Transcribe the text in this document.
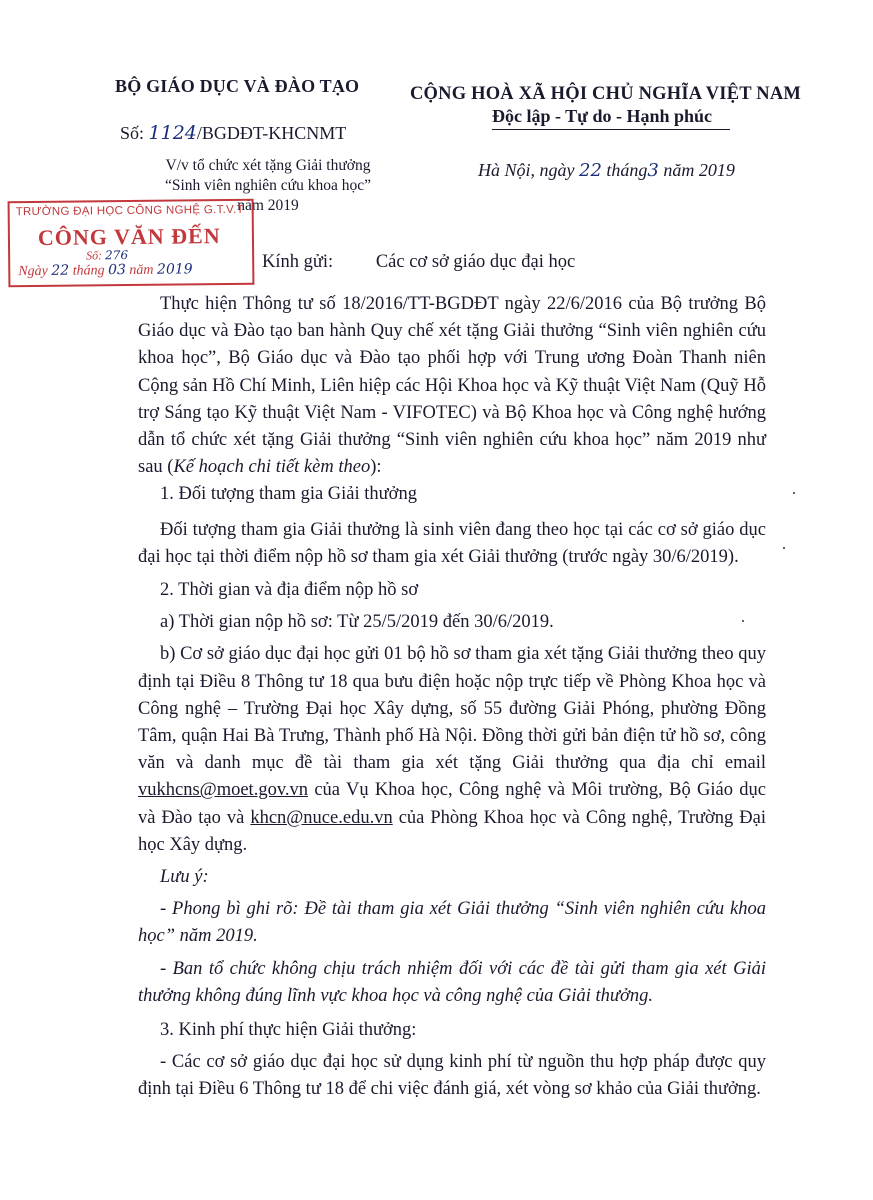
BỘ GIÁO DỤC VÀ ĐÀO TẠO	CỘNG HOÀ XÃ HỘI CHỦ NGHĨA VIỆT NAM
Độc lập - Tự do - Hạnh phúc
Số: 1124/BGDĐT-KHCNMT
V/v tổ chức xét tặng Giải thưởng
“Sinh viên nghiên cứu khoa học”
năm 2019
Hà Nội, ngày 22 tháng3 năm 2019
TRƯỜNG ĐẠI HỌC CÔNG NGHỆ G.T.V.T
CÔNG VĂN ĐẾN
Số: 276
Ngày 22 tháng 03 năm 2019	Kính gửi: Các cơ sở giáo dục đại học

Thực hiện Thông tư số 18/2016/TT-BGDĐT ngày 22/6/2016 của Bộ trưởng Bộ Giáo dục và Đào tạo ban hành Quy chế xét tặng Giải thưởng “Sinh viên nghiên cứu khoa học”, Bộ Giáo dục và Đào tạo phối hợp với Trung ương Đoàn Thanh niên Cộng sản Hồ Chí Minh, Liên hiệp các Hội Khoa học và Kỹ thuật Việt Nam (Quỹ Hỗ trợ Sáng tạo Kỹ thuật Việt Nam - VIFOTEC) và Bộ Khoa học và Công nghệ hướng dẫn tổ chức xét tặng Giải thưởng “Sinh viên nghiên cứu khoa học” năm 2019 như sau (Kế hoạch chi tiết kèm theo):

1. Đối tượng tham gia Giải thưởng

Đối tượng tham gia Giải thưởng là sinh viên đang theo học tại các cơ sở giáo dục đại học tại thời điểm nộp hồ sơ tham gia xét Giải thưởng (trước ngày 30/6/2019).

2. Thời gian và địa điểm nộp hồ sơ

a) Thời gian nộp hồ sơ: Từ 25/5/2019 đến 30/6/2019.

b) Cơ sở giáo dục đại học gửi 01 bộ hồ sơ tham gia xét tặng Giải thưởng theo quy định tại Điều 8 Thông tư 18 qua bưu điện hoặc nộp trực tiếp về Phòng Khoa học và Công nghệ – Trường Đại học Xây dựng, số 55 đường Giải Phóng, phường Đồng Tâm, quận Hai Bà Trưng, Thành phố Hà Nội. Đồng thời gửi bản điện tử hồ sơ, công văn và danh mục đề tài tham gia xét tặng Giải thưởng qua địa chỉ email vukhcns@moet.gov.vn của Vụ Khoa học, Công nghệ và Môi trường, Bộ Giáo dục và Đào tạo và khcn@nuce.edu.vn của Phòng Khoa học và Công nghệ, Trường Đại học Xây dựng.

Lưu ý:

- Phong bì ghi rõ: Đề tài tham gia xét Giải thưởng “Sinh viên nghiên cứu khoa học” năm 2019.

- Ban tổ chức không chịu trách nhiệm đối với các đề tài gửi tham gia xét Giải thưởng không đúng lĩnh vực khoa học và công nghệ của Giải thưởng.

3. Kinh phí thực hiện Giải thưởng:

- Các cơ sở giáo dục đại học sử dụng kinh phí từ nguồn thu hợp pháp được quy định tại Điều 6 Thông tư 18 để chi việc đánh giá, xét vòng sơ khảo của Giải thưởng.
